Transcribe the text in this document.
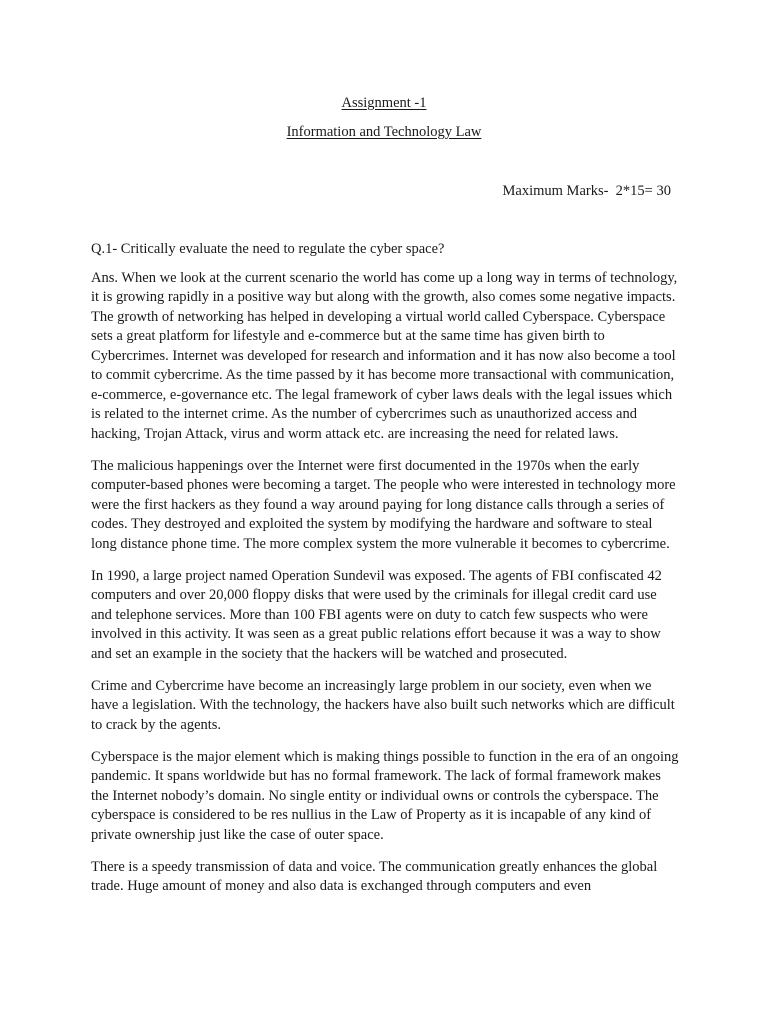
Assignment -1
Information and Technology Law
Maximum Marks-  2*15= 30

Q.1- Critically evaluate the need to regulate the cyber space?

Ans. When we look at the current scenario the world has come up a long way in terms of technology, it is growing rapidly in a positive way but along with the growth, also comes some negative impacts. The growth of networking has helped in developing a virtual world called Cyberspace. Cyberspace sets a great platform for lifestyle and e-commerce but at the same time has given birth to Cybercrimes. Internet was developed for research and information and it has now also become a tool to commit cybercrime. As the time passed by it has become more transactional with communication, e-commerce, e-governance etc. The legal framework of cyber laws deals with the legal issues which is related to the internet crime. As the number of cybercrimes such as unauthorized access and hacking, Trojan Attack, virus and worm attack etc. are increasing the need for related laws.

The malicious happenings over the Internet were first documented in the 1970s when the early computer-based phones were becoming a target. The people who were interested in technology more were the first hackers as they found a way around paying for long distance calls through a series of codes. They destroyed and exploited the system by modifying the hardware and software to steal long distance phone time. The more complex system the more vulnerable it becomes to cybercrime.

In 1990, a large project named Operation Sundevil was exposed. The agents of FBI confiscated 42 computers and over 20,000 floppy disks that were used by the criminals for illegal credit card use and telephone services. More than 100 FBI agents were on duty to catch few suspects who were involved in this activity. It was seen as a great public relations effort because it was a way to show and set an example in the society that the hackers will be watched and prosecuted.

Crime and Cybercrime have become an increasingly large problem in our society, even when we have a legislation. With the technology, the hackers have also built such networks which are difficult to crack by the agents.

Cyberspace is the major element which is making things possible to function in the era of an ongoing pandemic. It spans worldwide but has no formal framework. The lack of formal framework makes the Internet nobody’s domain. No single entity or individual owns or controls the cyberspace. The cyberspace is considered to be res nullius in the Law of Property as it is incapable of any kind of private ownership just like the case of outer space.

There is a speedy transmission of data and voice. The communication greatly enhances the global trade. Huge amount of money and also data is exchanged through computers and even
